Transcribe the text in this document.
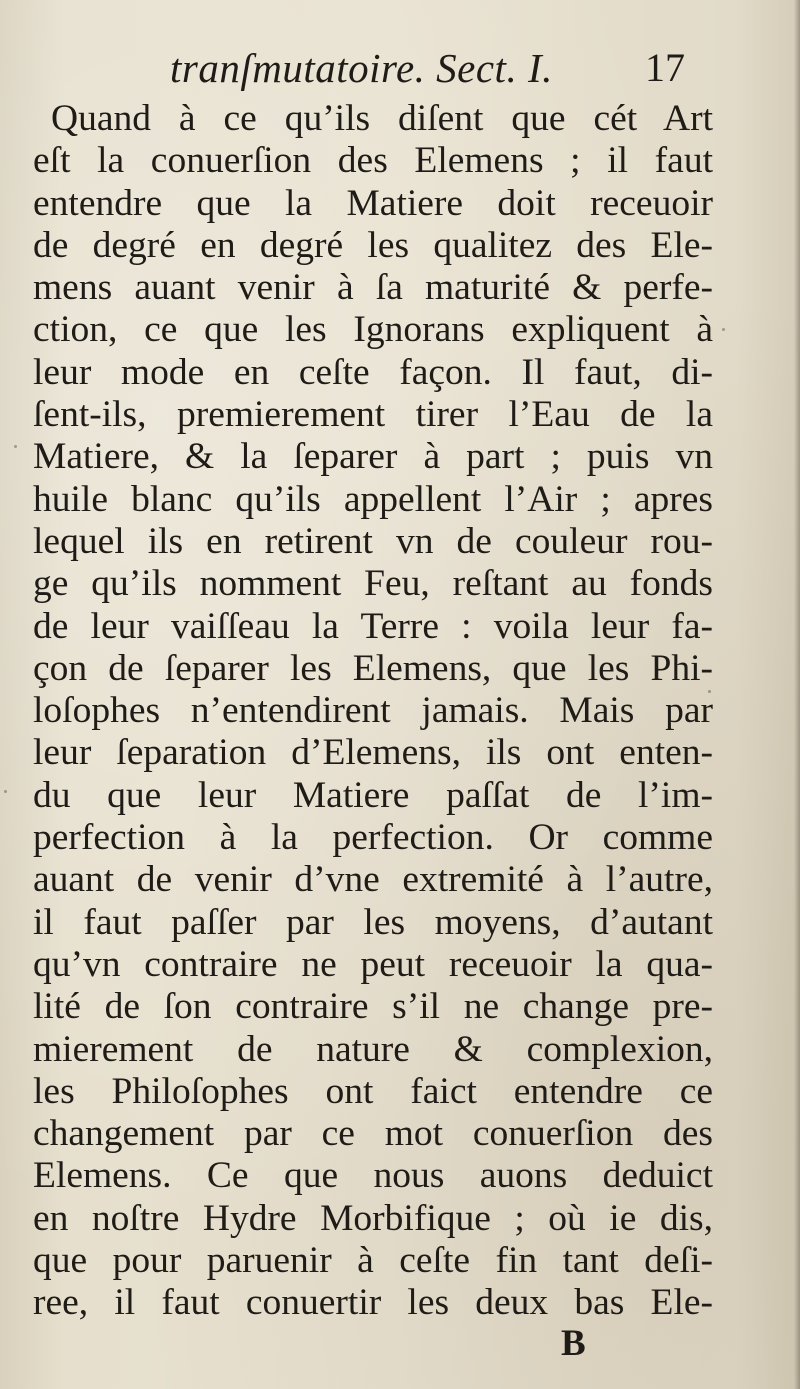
tranſmutatoire. Sect. I. 17
Quand à ce qu’ils diſent que cét Art
eſt la conuerſion des Elemens ; il faut
entendre que la Matiere doit receuoir
de degré en degré les qualitez des Ele-
mens auant venir à ſa maturité & perfe-
ction, ce que les Ignorans expliquent à
leur mode en ceſte façon. Il faut, di-
ſent-ils, premierement tirer l’Eau de la
Matiere, & la ſeparer à part ; puis vn
huile blanc qu’ils appellent l’Air ; apres
lequel ils en retirent vn de couleur rou-
ge qu’ils nomment Feu, reſtant au fonds
de leur vaiſſeau la Terre : voila leur fa-
çon de ſeparer les Elemens, que les Phi-
loſophes n’entendirent jamais. Mais par
leur ſeparation d’Elemens, ils ont enten-
du que leur Matiere paſſat de l’im-
perfection à la perfection. Or comme
auant de venir d’vne extremité à l’autre,
il faut paſſer par les moyens, d’autant
qu’vn contraire ne peut receuoir la qua-
lité de ſon contraire s’il ne change pre-
mierement de nature & complexion,
les Philoſophes ont faict entendre ce
changement par ce mot conuerſion des
Elemens. Ce que nous auons deduict
en noſtre Hydre Morbifique ; où ie dis,
que pour paruenir à ceſte fin tant deſi-
ree, il faut conuertir les deux bas Ele-
B
